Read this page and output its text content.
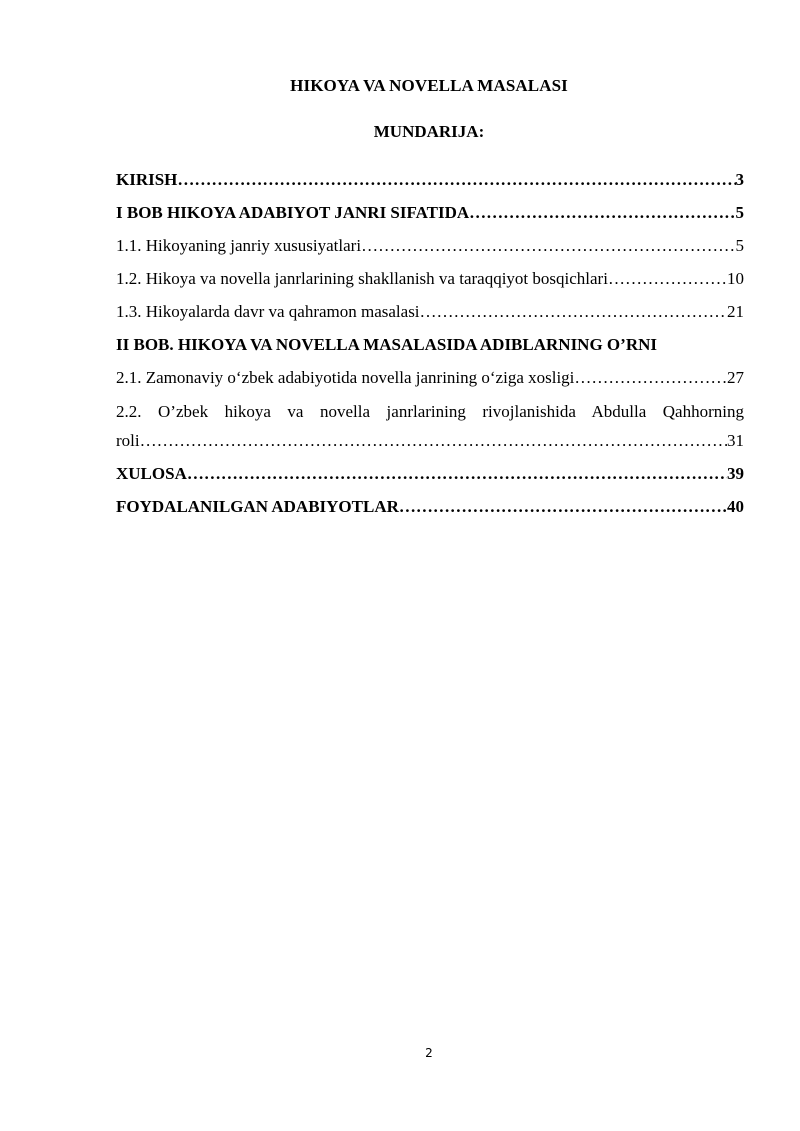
HIKOYA VA NOVELLA MASALASI
MUNDARIJA:
KIRISH ………………………………………………………………………………………………………………………………………………………………………………	3
I BOB HIKOYA ADABIYOT JANRI SIFATIDA ………………………………………………………………………………………………………………………………………………………………………………	5
1.1. Hikoyaning janriy xususiyatlari ………………………………………………………………………………………………………………………………………………………………………………	5
1.2. Hikoya va novella janrlarining shakllanish va taraqqiyot bosqichlari ………………………………………………………………………………………………………………………………………………………………………………	10
1.3. Hikoyalarda davr va qahramon masalasi ………………………………………………………………………………………………………………………………………………………………………………	21
II BOB. HIKOYA VA NOVELLA MASALASIDA ADIBLARNING O’RNI
2.1. Zamonaviy o‘zbek adabiyotida novella janrining o‘ziga xosligi ………………………………………………………………………………………………………………………………………………………………………………	27
2.2. O’zbek hikoya va novella janrlarining rivojlanishida Abdulla Qahhorning
roli ………………………………………………………………………………………………………………………………………………………………………………	31
XULOSA ………………………………………………………………………………………………………………………………………………………………………………	39
FOYDALANILGAN ADABIYOTLAR ………………………………………………………………………………………………………………………………………………………………………………	40
2
